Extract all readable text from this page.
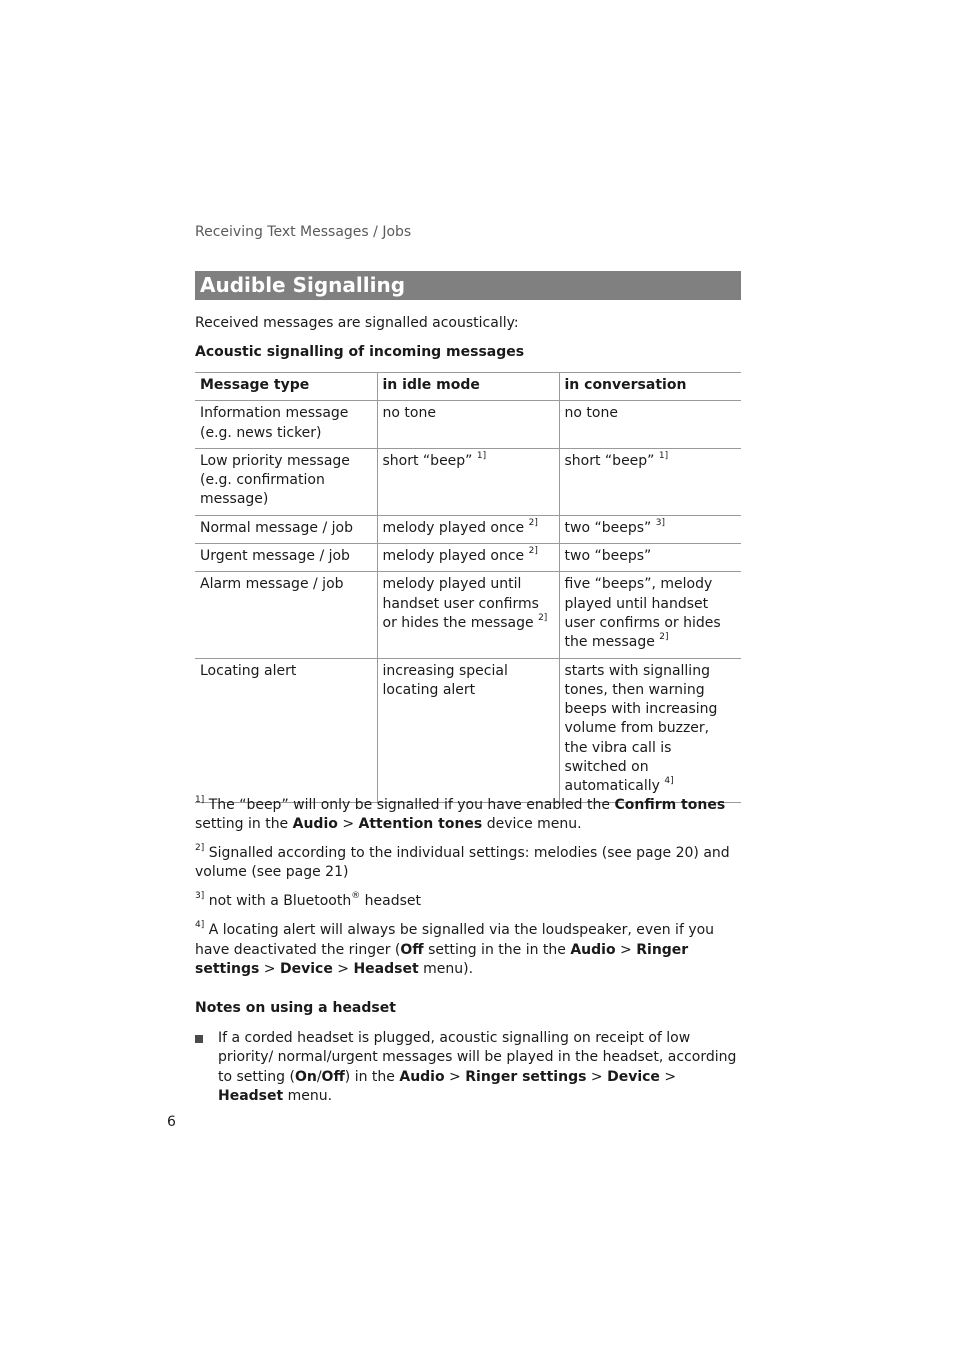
Receiving Text Messages / Jobs
Audible Signalling
Received messages are signalled acoustically:
Acoustic signalling of incoming messages
Message type	in idle mode	in conversation
Information message (e.g. news ticker)	no tone	no tone
Low priority message (e.g. confirmation message)	short “beep” $^{1]}$	short “beep” $^{1]}$
Normal message / job	melody played once $^{2]}$	two “beeps” $^{3]}$
Urgent message / job	melody played once $^{2]}$	two “beeps”
Alarm message / job	melody played until handset user confirms or hides the message $^{2]}$	five “beeps”, melody played until handset user confirms or hides the message $^{2]}$
Locating alert	increasing special locating alert	starts with signalling tones, then warning beeps with increasing volume from buzzer, the vibra call is switched on automatically $^{4]}$

$^{1]}$ The “beep” will only be signalled if you have enabled the Confirm tones setting in the Audio > Attention tones device menu.

$^{2]}$ Signalled according to the individual settings: melodies (see page 20) and volume (see page 21)

$^{3]}$ not with a Bluetooth® headset

$^{4]}$ A locating alert will always be signalled via the loudspeaker, even if you have deactivated the ringer (Off setting in the in the Audio > Ringer settings > Device > Headset menu).

Notes on using a headset
If a corded headset is plugged, acoustic signalling on receipt of low priority/ normal/urgent messages will be played in the headset, according to setting (On/Off) in the Audio > Ringer settings > Device > Headset menu.
6
